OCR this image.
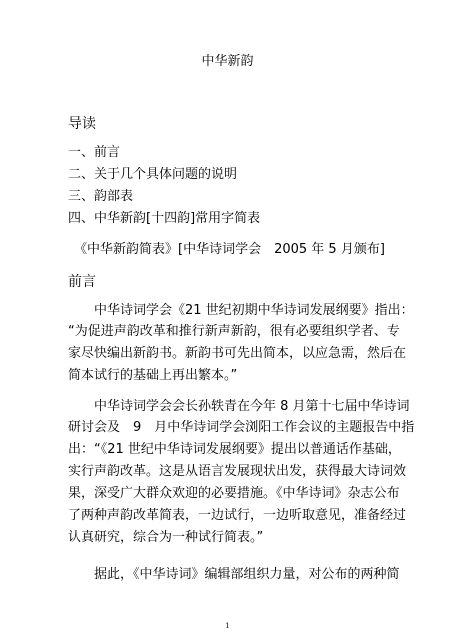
中华新韵
导读
一、前言
二、关于几个具体问题的说明
三、韵部表
四、中华新韵[十四韵]常用字简表
《中华新韵简表》[中华诗词学会　2005 年 5 月颁布]
前言
中华诗词学会《21 世纪初期中华诗词发展纲要》指出：
“为促进声韵改革和推行新声新韵，很有必要组织学者、专
家尽快编出新韵书。新韵书可先出简本，以应急需，然后在
简本试行的基础上再出繁本。”
中华诗词学会会长孙轶青在今年 8 月第十七届中华诗词
研讨会及　9　月中华诗词学会浏阳工作会议的主题报告中指
出：“《21 世纪中华诗词发展纲要》提出以普通话作基础，
实行声韵改革。这是从语言发展现状出发，获得最大诗词效
果，深受广大群众欢迎的必要措施。《中华诗词》杂志公布
了两种声韵改革简表，一边试行，一边听取意见，准备经过
认真研究，综合为一种试行简表。”
据此，《中华诗词》编辑部组织力量，对公布的两种简
1
